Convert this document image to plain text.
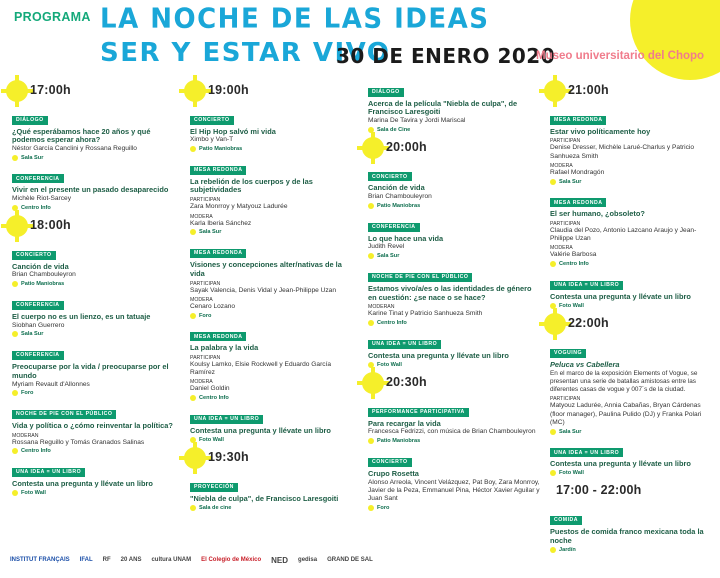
PROGRAMA LA NOCHE DE LAS IDEAS
SER Y ESTAR VIVO
30 DE ENERO 2020
Museo universitario del Chopo
17:00h
DIÁLOGO
¿Qué esperábamos hace 20 años y qué podemos esperar ahora?
Néstor García Canclini y Rossana Reguillo
Sala Sur
CONFERENCIA
Vivir en el presente un pasado desaparecido
Michèle Riot-Sarcey
Centro Info
18:00h
CONCIERTO
Canción de vida
Brian Chambouleyron
Patio Maniobras
CONFERENCIA
El cuerpo no es un lienzo, es un tatuaje
Siobhan Guerrero
Sala Sur
CONFERENCIA
Preocuparse por la vida / preocuparse por el mundo
Myriam Revault d'Allonnes
Foro
NOCHE DE PIE CON EL PÚBLICO
Vida y política o ¿cómo reinventar la política?
MODERAN
Rossana Reguillo y Tomás Granados Salinas
Centro Info
UNA IDEA = UN LIBRO
Contesta una pregunta y llévate un libro
Foto Wall
19:00h
CONCIERTO
El Hip Hop salvó mi vida
Ximbo y Van-T
Patio Maniobras
MESA REDONDA
La rebelión de los cuerpos y de las subjetividades
PARTICIPAN
Zara Monrroy y Matyouz Ladurée
MODERA
Karla Iberia Sánchez
Sala Sur
MESA REDONDA
Visiones y concepciones alter/nativas de la vida
PARTICIPAN
Sayak Valencia, Denis Vidal y Jean-Philippe Uzan
MODERA
Cenaro Lozano
Foro
MESA REDONDA
La palabra y la vida
PARTICIPAN
Koulsy Lamko, Elsie Rockwell y Eduardo García Ramírez
MODERA
Daniel Goldin
Centro Info
UNA IDEA = UN LIBRO
Contesta una pregunta y llévate un libro
Foto Wall
19:30h
PROYECCIÓN
"Niebla de culpa", de Francisco Laresgoiti
Sala de cine
DIÁLOGO
Acerca de la película "Niebla de culpa", de Francisco Laresgoiti
Marina De Tavira y Jordi Mariscal
Sala de Cine
20:00h
CONCIERTO
Canción de vida
Brian Chambouleyron
Patio Maniobras
CONFERENCIA
Lo que hace una vida
Judith Revel
Sala Sur
NOCHE DE PIE CON EL PÚBLICO
Estamos vivo/a/es o las identidades de género en cuestión: ¿se nace o se hace?
MODERAN
Karine Tinat y Patricio Sanhueza Smith
Centro Info
UNA IDEA = UN LIBRO
Contesta una pregunta y llévate un libro
Foto Wall
20:30h
PERFORMANCE PARTICIPATIVA
Para recargar la vida
Francesca Fedrizzi, con música de Brian Chambouleyron
Patio Maniobras
CONCIERTO
Crupo Rosetta
Alonso Arreola, Vincent Velázquez, Pat Boy, Zara Monrroy, Javier de la Peza, Emmanuel Pina, Héctor Xavier Aguilar y Juan Sant
Foro
21:00h
MESA REDONDA
Estar vivo políticamente hoy
PARTICIPAN
Denise Dresser, Michèle Larué-Charlus y Patricio Sanhueza Smith
MODERA
Rafael Mondragón
Sala Sur
MESA REDONDA
El ser humano, ¿obsoleto?
PARTICIPAN
Claudia del Pozo, Antonio Lazcano Araujo y Jean-Philippe Uzan
MODERA
Valérie Barbosa
Centro Info
UNA IDEA = UN LIBRO
Contesta una pregunta y llévate un libro
Foto Wall
22:00h
VOGUING
Peluca vs Cabellera
En el marco de la exposición Elements of Vogue, se presentan una serie de batallas amistosas entre las diferentes casas de vogue y 007´s de la ciudad.
PARTICIPAN
Matyouz Ladurée, Annia Cabañas, Bryan Cárdenas (floor manager), Paulina Pulido (DJ) y Franka Polari (MC)
Sala Sur
UNA IDEA = UN LIBRO
Contesta una pregunta y llévate un libro
Foto Wall
17:00 - 22:00h
COMIDA
Puestos de comida franco mexicana toda la noche
Jardín
INSTITUT FRANÇAIS IFAL RF 20 ANS cultura UNAM El Colegio de México NED gedisa GRAND DE SAL
